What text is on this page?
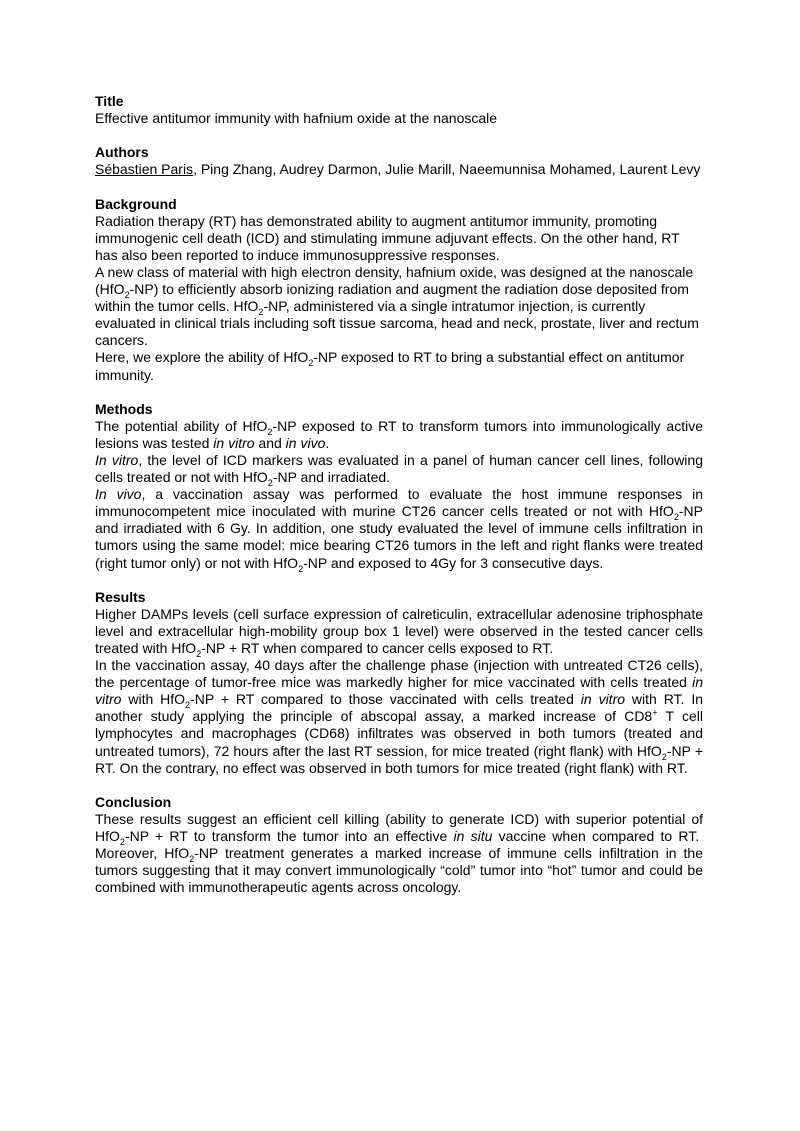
Title

Effective antitumor immunity with hafnium oxide at the nanoscale

Authors

Sébastien Paris, Ping Zhang, Audrey Darmon, Julie Marill, Naeemunnisa Mohamed, Laurent Levy

Background

Radiation therapy (RT) has demonstrated ability to augment antitumor immunity, promoting immunogenic cell death (ICD) and stimulating immune adjuvant effects. On the other hand, RT has also been reported to induce immunosuppressive responses.

A new class of material with high electron density, hafnium oxide, was designed at the nanoscale (HfO$_2$-NP) to efficiently absorb ionizing radiation and augment the radiation dose deposited from within the tumor cells. HfO$_2$-NP, administered via a single intratumor injection, is currently evaluated in clinical trials including soft tissue sarcoma, head and neck, prostate, liver and rectum cancers.

Here, we explore the ability of HfO$_2$-NP exposed to RT to bring a substantial effect on antitumor immunity.

Methods

The potential ability of HfO$_2$-NP exposed to RT to transform tumors into immunologically active lesions was tested in vitro and in vivo.

In vitro, the level of ICD markers was evaluated in a panel of human cancer cell lines, following cells treated or not with HfO$_2$-NP and irradiated.

In vivo, a vaccination assay was performed to evaluate the host immune responses in immunocompetent mice inoculated with murine CT26 cancer cells treated or not with HfO$_2$-NP and irradiated with 6 Gy. In addition, one study evaluated the level of immune cells infiltration in tumors using the same model: mice bearing CT26 tumors in the left and right flanks were treated (right tumor only) or not with HfO$_2$-NP and exposed to 4Gy for 3 consecutive days.

Results

Higher DAMPs levels (cell surface expression of calreticulin, extracellular adenosine triphosphate level and extracellular high-mobility group box 1 level) were observed in the tested cancer cells treated with HfO$_2$-NP + RT when compared to cancer cells exposed to RT.

In the vaccination assay, 40 days after the challenge phase (injection with untreated CT26 cells), the percentage of tumor-free mice was markedly higher for mice vaccinated with cells treated in vitro with HfO$_2$-NP + RT compared to those vaccinated with cells treated in vitro with RT. In another study applying the principle of abscopal assay, a marked increase of CD8+ T cell lymphocytes and macrophages (CD68) infiltrates was observed in both tumors (treated and untreated tumors), 72 hours after the last RT session, for mice treated (right flank) with HfO$_2$-NP + RT. On the contrary, no effect was observed in both tumors for mice treated (right flank) with RT.

Conclusion

These results suggest an efficient cell killing (ability to generate ICD) with superior potential of HfO$_2$-NP + RT to transform the tumor into an effective in situ vaccine when compared to RT.  Moreover, HfO$_2$-NP treatment generates a marked increase of immune cells infiltration in the tumors suggesting that it may convert immunologically “cold” tumor into “hot” tumor and could be combined with immunotherapeutic agents across oncology.
